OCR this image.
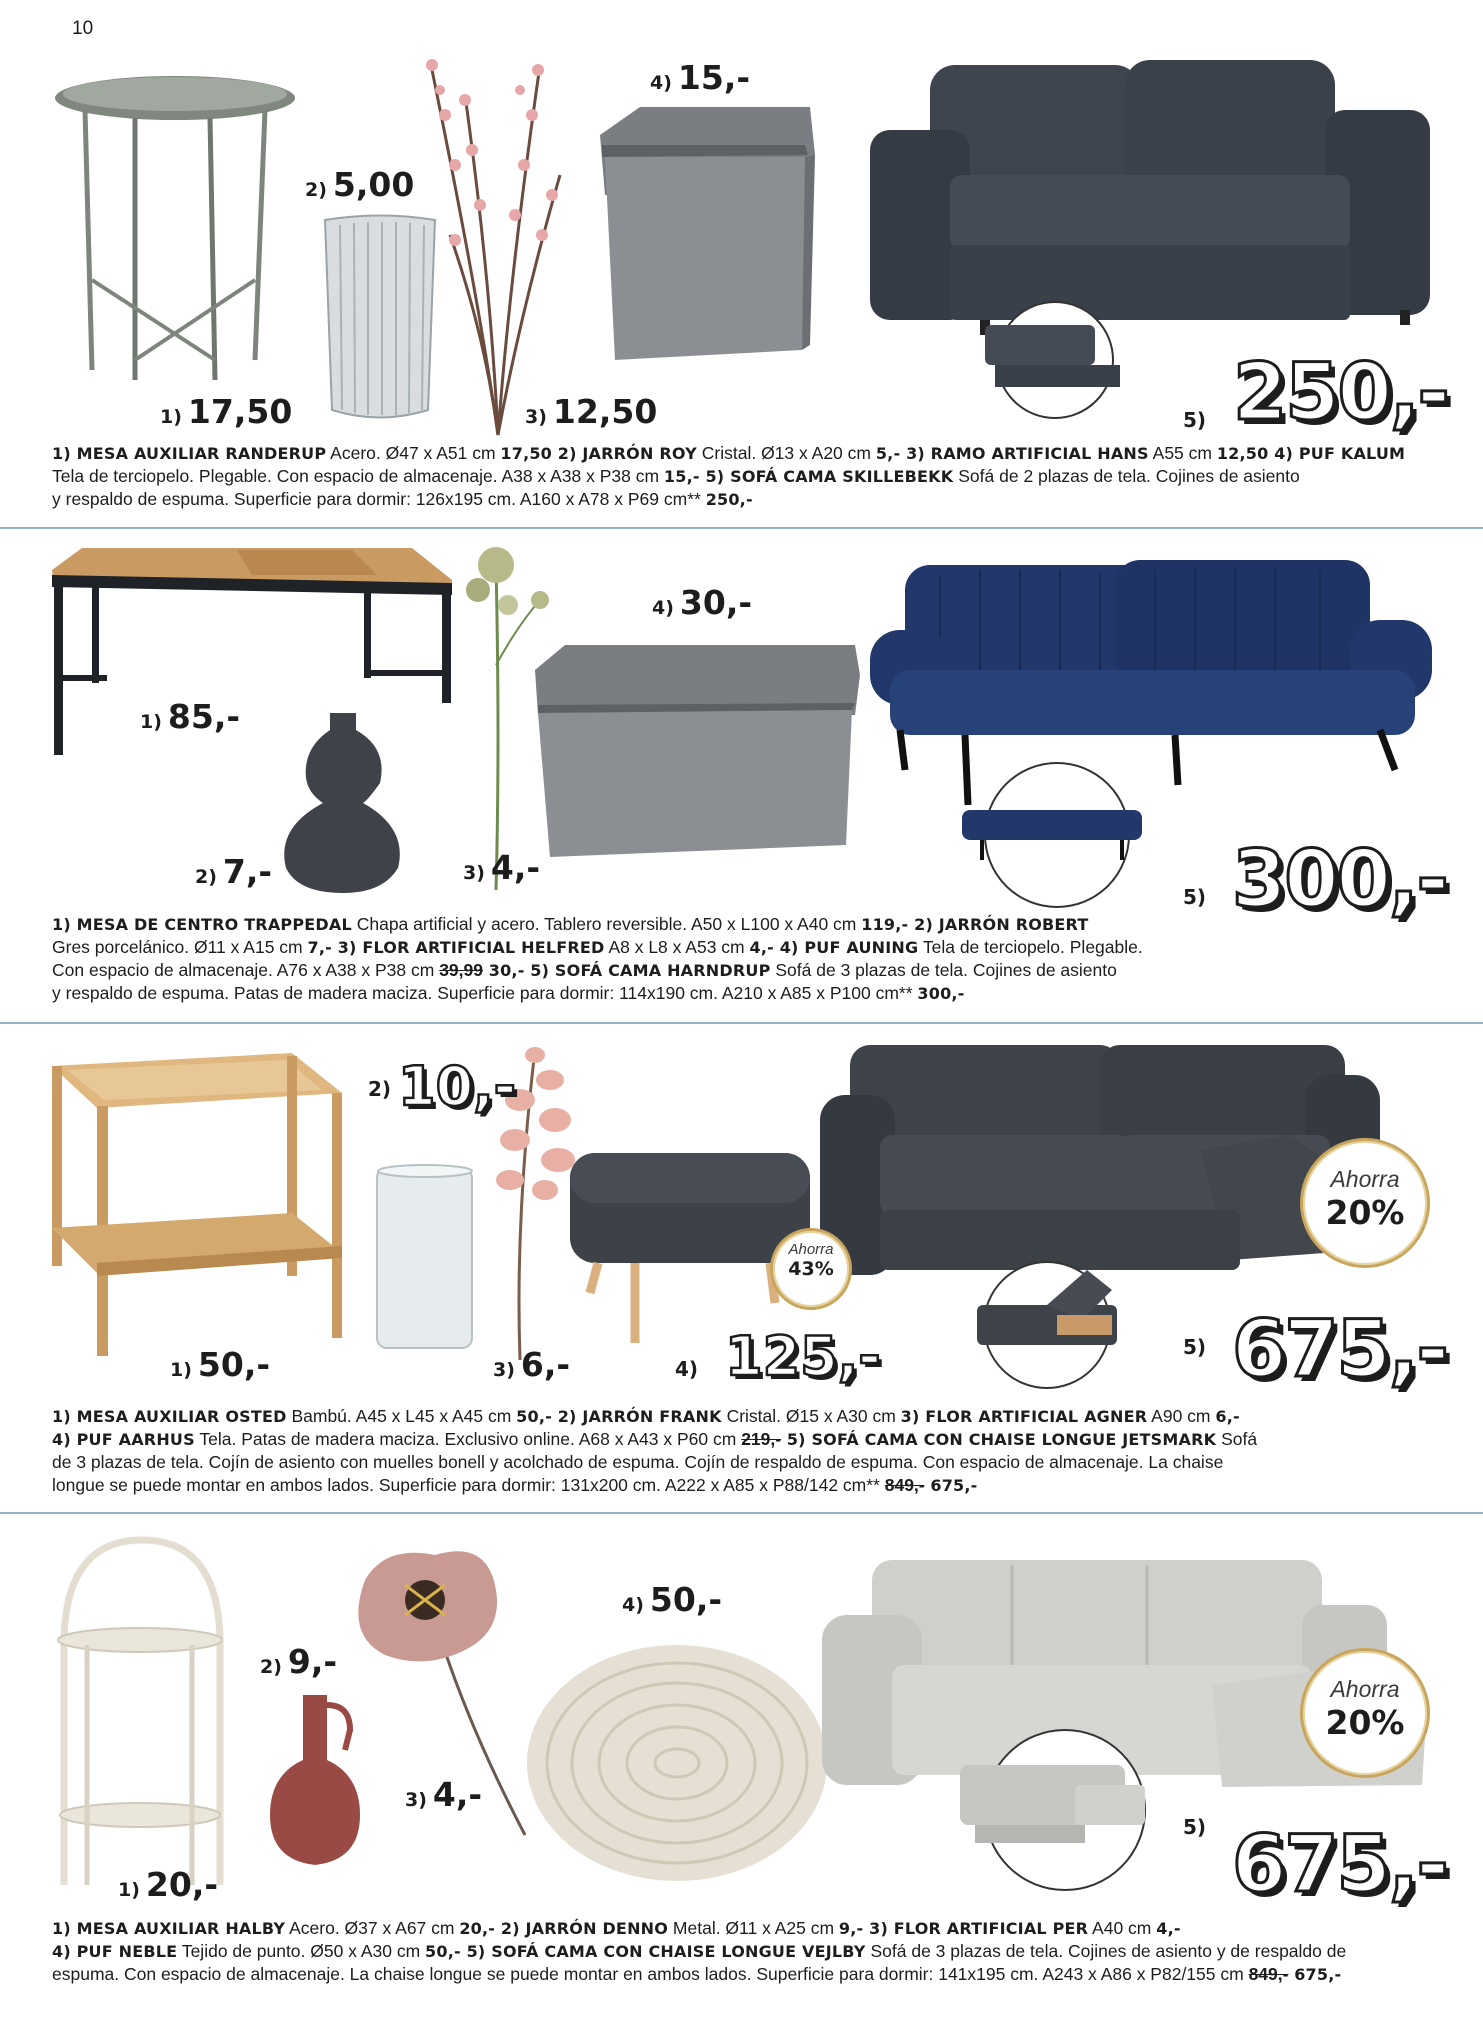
10
1) 17,50
2) 5,00
3) 12,50
4) 15,-
5) 250,-
1) MESA AUXILIAR RANDERUP Acero. Ø47 x A51 cm 17,50 2) JARRÓN ROY Cristal. Ø13 x A20 cm 5,- 3) RAMO ARTIFICIAL HANS A55 cm 12,50 4) PUF KALUM
Tela de terciopelo. Plegable. Con espacio de almacenaje. A38 x A38 x P38 cm 15,- 5) SOFÁ CAMA SKILLEBEKK Sofá de 2 plazas de tela. Cojines de asiento
y respaldo de espuma. Superficie para dormir: 126x195 cm. A160 x A78 x P69 cm** 250,-
1) 85,-
2) 7,-	3) 4,-
4) 30,-
5) 300,-
1) MESA DE CENTRO TRAPPEDAL Chapa artificial y acero. Tablero reversible. A50 x L100 x A40 cm 119,- 2) JARRÓN ROBERT
Gres porcelánico. Ø11 x A15 cm 7,- 3) FLOR ARTIFICIAL HELFRED A8 x L8 x A53 cm 4,- 4) PUF AUNING Tela de terciopelo. Plegable.
Con espacio de almacenaje. A76 x A38 x P38 cm 39,99 30,- 5) SOFÁ CAMA HARNDRUP Sofá de 3 plazas de tela. Cojines de asiento
y respaldo de espuma. Patas de madera maciza. Superficie para dormir: 114x190 cm. A210 x A85 x P100 cm** 300,-
Ahorra
43%
Ahorra
20%
1) 50,-
2) 10,-
3) 6,-	4) 125,-	5) 675,-
1) MESA AUXILIAR OSTED Bambú. A45 x L45 x A45 cm 50,- 2) JARRÓN FRANK Cristal. Ø15 x A30 cm 3) FLOR ARTIFICIAL AGNER A90 cm 6,-
4) PUF AARHUS Tela. Patas de madera maciza. Exclusivo online. A68 x A43 x P60 cm 219,- 5) SOFÁ CAMA CON CHAISE LONGUE JETSMARK Sofá
de 3 plazas de tela. Cojín de asiento con muelles bonell y acolchado de espuma. Cojín de respaldo de espuma. Con espacio de almacenaje. La chaise
longue se puede montar en ambos lados. Superficie para dormir: 131x200 cm. A222 x A85 x P88/142 cm** 849,- 675,-
Ahorra
20%
1) 20,-
2) 9,-
3) 4,-
4) 50,-
5) 675,-
1) MESA AUXILIAR HALBY Acero. Ø37 x A67 cm 20,- 2) JARRÓN DENNO Metal. Ø11 x A25 cm 9,- 3) FLOR ARTIFICIAL PER A40 cm 4,-
4) PUF NEBLE Tejido de punto. Ø50 x A30 cm 50,- 5) SOFÁ CAMA CON CHAISE LONGUE VEJLBY Sofá de 3 plazas de tela. Cojines de asiento y de respaldo de
espuma. Con espacio de almacenaje. La chaise longue se puede montar en ambos lados. Superficie para dormir: 141x195 cm. A243 x A86 x P82/155 cm 849,- 675,-
